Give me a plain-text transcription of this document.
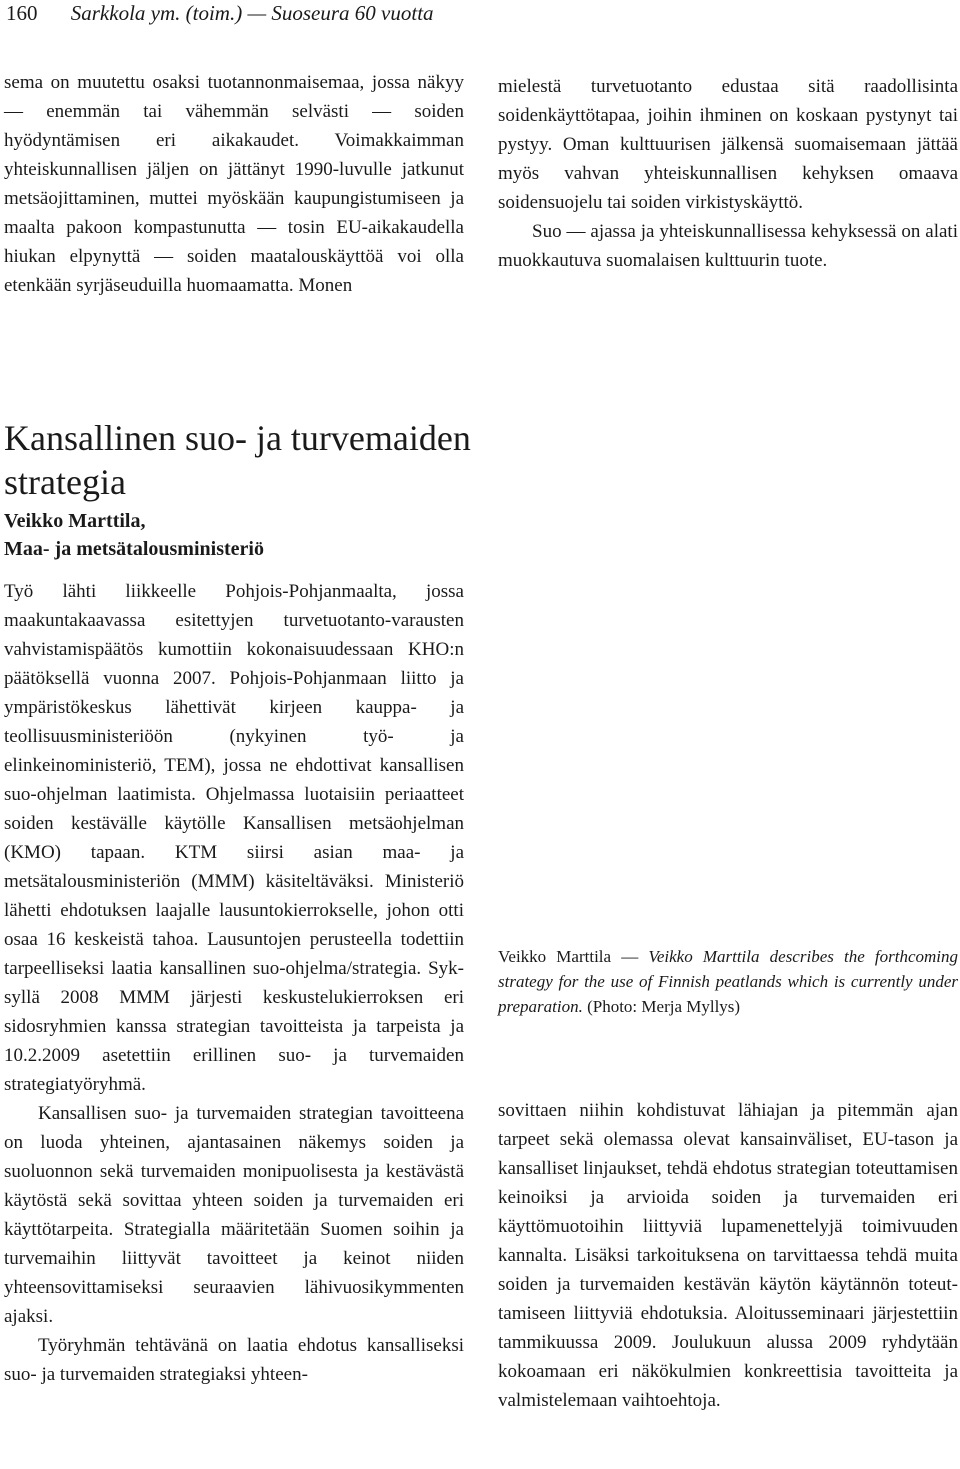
160 Sarkkola ym. (toim.) — Suoseura 60 vuotta

sema on muutettu osaksi tuotannonmaisemaa, jossa näkyy — enemmän tai vähemmän selvästi — soiden hyödyntämisen eri aikakaudet. Voimakkaimman yhteiskunnallisen jäljen on jättänyt 1990-luvulle jatkunut metsäojittaminen, muttei myöskään kaupungistumiseen ja maalta pakoon kompastunutta — tosin EU-aikakaudella hiukan elpynyttä — soiden maatalouskäyttöä voi olla etenkään syrjäseuduilla huomaamatta. Monen

mielestä turvetuotanto edustaa sitä raadollisinta soidenkäyttötapaa, joihin ihminen on koskaan pystynyt tai pystyy. Oman kulttuurisen jälkensä suomaisemaan jättää myös vahvan yhteiskunnallisen kehyksen omaava soidensuojelu tai soiden virkistyskäyttö.

Suo — ajassa ja yhteiskunnallisessa kehyksessä on alati muokkautuva suomalaisen kulttuurin tuote.

Kansallinen suo- ja turvemaiden strategia
Veikko Marttila,
Maa- ja metsätalousministeriö

Työ lähti liikkeelle Pohjois-Pohjanmaalta, jossa maakuntakaavassa esitettyjen turvetuotanto-varausten vahvistamispäätös kumottiin kokonaisuudessaan KHO:n päätöksellä vuonna 2007. Pohjois-Pohjanmaan liitto ja ympäristökeskus lähettivät kirjeen kauppa- ja teollisuusministeriöön (nykyinen työ- ja elinkeinoministeriö, TEM), jossa ne ehdottivat kansallisen suo-ohjelman laatimista. Ohjelmassa luotaisiin periaatteet soiden kestävälle käytölle Kansallisen metsäohjelman (KMO) tapaan. KTM siirsi asian maa- ja metsätalousministeriön (MMM) käsiteltäväksi. Ministeriö lähetti ehdotuksen laajalle lausuntokierrokselle, johon otti osaa 16 keskeistä tahoa. Lausuntojen perusteella todettiin tarpeelliseksi laatia kansallinen suo-ohjelma/strategia. Syksyllä 2008 MMM järjesti keskustelukierroksen eri sidosryhmien kanssa strategian tavoitteista ja tarpeista ja 10.2.2009 asetettiin erillinen suo- ja turvemaiden strategiatyöryhmä.

Kansallisen suo- ja turvemaiden strategian tavoitteena on luoda yhteinen, ajantasainen näkemys soiden ja suoluonnon sekä turvemaiden monipuolisesta ja kestävästä käytöstä sekä sovittaa yhteen soiden ja turvemaiden eri käyttötarpeita. Strategialla määritetään Suomen soihin ja turvemaihin liittyvät tavoitteet ja keinot niiden yhteensovittamiseksi seuraavien lähivuosikymmenten ajaksi.

Työryhmän tehtävänä on laatia ehdotus kansalliseksi suo- ja turvemaiden strategiaksi yhteen-

Veikko Marttila — Veikko Marttila describes the forthcoming strategy for the use of Finnish peatlands which is currently under preparation. (Photo: Merja Myllys)

sovittaen niihin kohdistuvat lähiajan ja pitemmän ajan tarpeet sekä olemassa olevat kansainväliset, EU-tason ja kansalliset linjaukset, tehdä ehdotus strategian toteuttamisen keinoiksi ja arvioida soiden ja turvemaiden eri käyttömuotoihin liittyviä lupamenettelyjä toimivuuden kannalta. Lisäksi tarkoituksena on tarvittaessa tehdä muita soiden ja turvemaiden kestävän käytön käytännön toteuttamiseen liittyviä ehdotuksia. Aloitusseminaari järjestettiin tammikuussa 2009. Joulukuun alussa 2009 ryhdytään kokoamaan eri näkökulmien konkreettisia tavoitteita ja valmistelemaan vaihtoehtoja.
